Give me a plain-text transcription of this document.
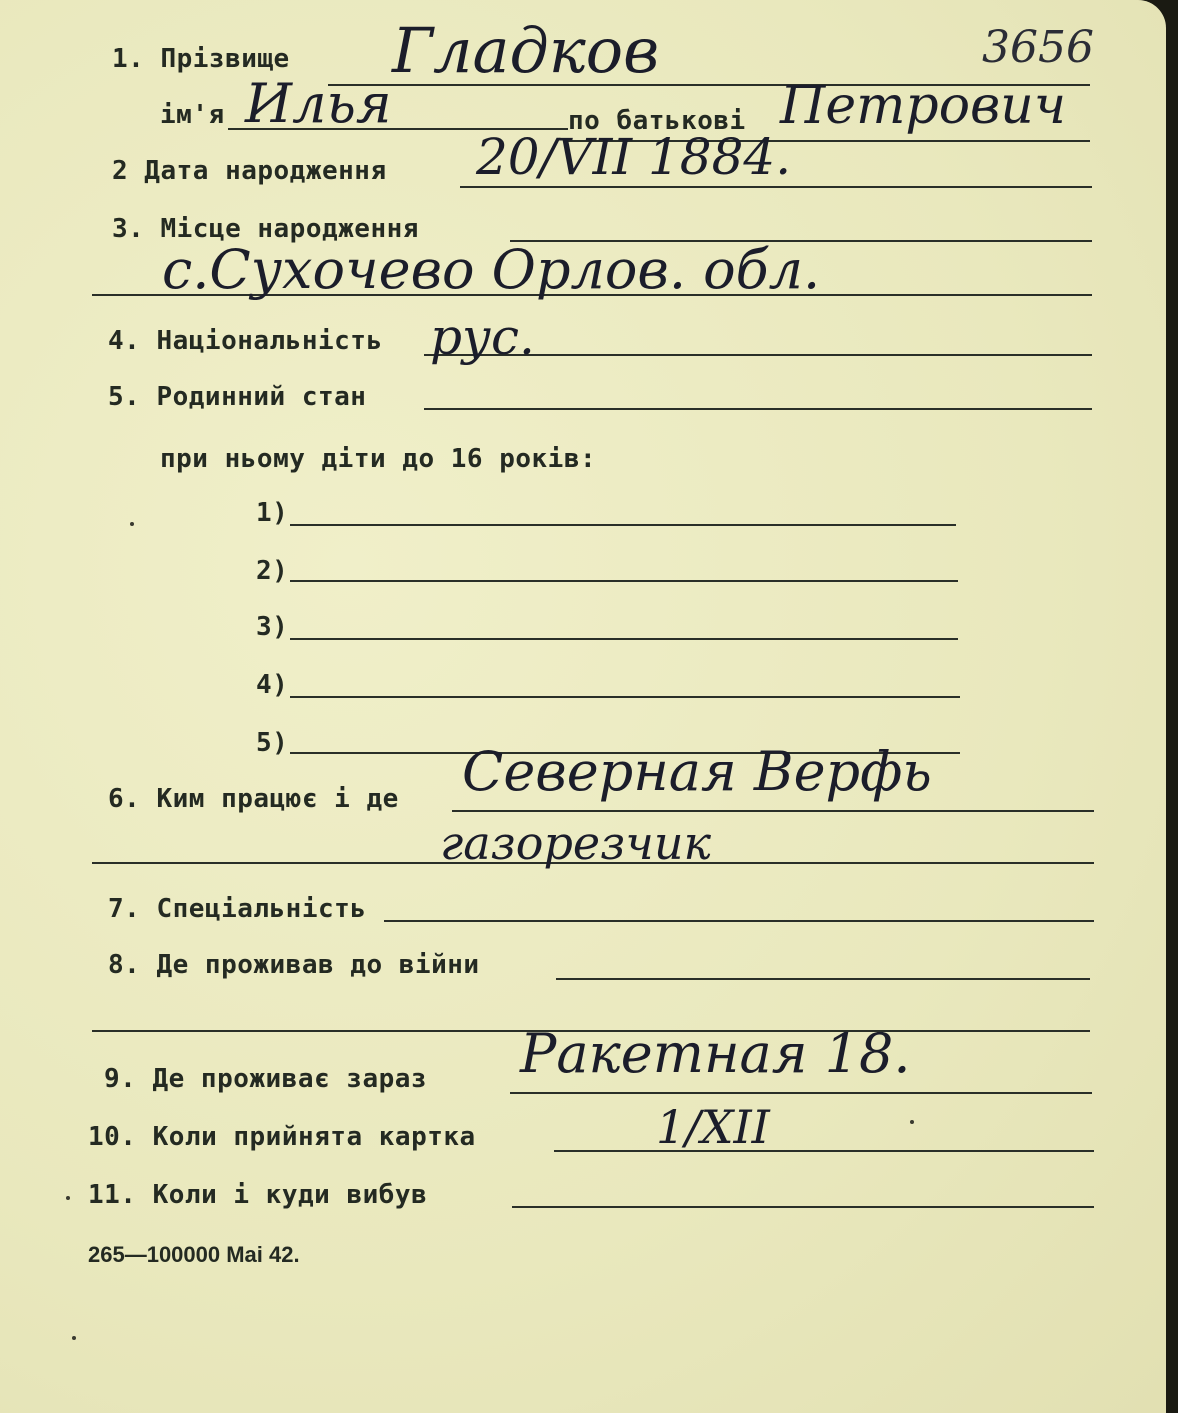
3656
1. Прізвище Гладков
ім'я Илья	по батькові Петрович
2 Дата народження 20/VII 1884.
3. Місце народження
с.Сухочево Орлов. обл.
4. Національність рус.
5. Родинний стан
при ньому діти до 16 років:
1)
2)
3)
4)
5)
6. Ким працює і де Северная Верфь
газорезчик
7. Спеціальність
8. Де проживав до війни
9. Де проживає зараз Ракетная 18.
10. Коли прийнята картка	1/XII
11. Коли і куди вибув
265—100000 Mai 42.
